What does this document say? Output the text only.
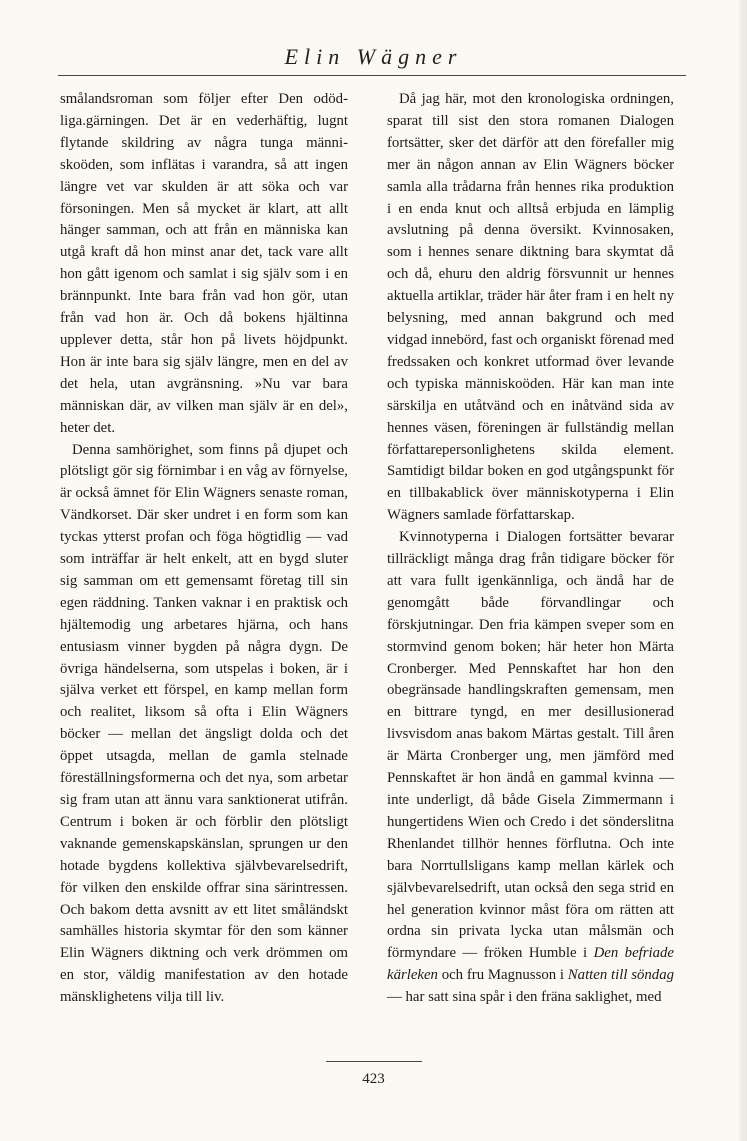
Elin Wägner

smålandsroman som följer efter Den odödliga.gärningen. Det är en vederhäftig, lugnt flytande skildring av några tunga människoöden, som inflätas i varandra, så att ingen längre vet var skulden är att söka och var försoningen. Men så mycket är klart, att allt hänger samman, och att från en människa kan utgå kraft då hon minst anar det, tack vare allt hon gått igenom och samlat i sig själv som i en brännpunkt. Inte bara från vad hon gör, utan från vad hon är. Och då bokens hjältinna upplever detta, står hon på livets höjdpunkt. Hon är inte bara sig själv längre, men en del av det hela, utan avgränsning. »Nu var bara människan där, av vilken man själv är en del», heter det.

Denna samhörighet, som finns på djupet och plötsligt gör sig förnimbar i en våg av förnyelse, är också ämnet för Elin Wägners senaste roman, Vändkorset. Där sker undret i en form som kan tyckas ytterst profan och föga högtidlig — vad som inträffar är helt enkelt, att en bygd sluter sig samman om ett gemensamt företag till sin egen räddning. Tanken vaknar i en praktisk och hjältemodig ung arbetares hjärna, och hans entusiasm vinner bygden på några dygn. De övriga händelserna, som utspelas i boken, är i själva verket ett förspel, en kamp mellan form och realitet, liksom så ofta i Elin Wägners böcker — mellan det ängsligt dolda och det öppet utsagda, mellan de gamla stelnade föreställningsformerna och det nya, som arbetar sig fram utan att ännu vara sanktionerat utifrån. Centrum i boken är och förblir den plötsligt vaknande gemenskapskänslan, sprungen ur den hotade bygdens kollektiva självbevarelsedrift, för vilken den enskilde offrar sina särintressen. Och bakom detta avsnitt av ett litet småländskt samhälles historia skymtar för den som känner Elin Wägners diktning och verk drömmen om en stor, väldig manifestation av den hotade mänsklighetens vilja till liv.

Då jag här, mot den kronologiska ordningen, sparat till sist den stora romanen Dialogen fortsätter, sker det därför att den förefaller mig mer än någon annan av Elin Wägners böcker samla alla trådarna från hennes rika produktion i en enda knut och alltså erbjuda en lämplig avslutning på denna översikt. Kvinnosaken, som i hennes senare diktning bara skymtat då och då, ehuru den aldrig försvunnit ur hennes aktuella artiklar, träder här åter fram i en helt ny belysning, med annan bakgrund och med vidgad innebörd, fast och organiskt förenad med fredssaken och konkret utformad över levande och typiska människoöden. Här kan man inte särskilja en utåtvänd och en inåtvänd sida av hennes väsen, föreningen är fullständig mellan författarepersonlighetens skilda element. Samtidigt bildar boken en god utgångspunkt för en tillbakablick över människotyperna i Elin Wägners samlade författarskap.

Kvinnotyperna i Dialogen fortsätter bevarar tillräckligt många drag från tidigare böcker för att vara fullt igenkännliga, och ändå har de genomgått både förvandlingar och förskjutningar. Den fria kämpen sveper som en stormvind genom boken; här heter hon Märta Cronberger. Med Pennskaftet har hon den obegränsade handlingskraften gemensam, men en bittrare tyngd, en mer desillusionerad livsvisdom anas bakom Märtas gestalt. Till åren är Märta Cronberger ung, men jämförd med Pennskaftet är hon ändå en gammal kvinna — inte underligt, då både Gisela Zimmermann i hungertidens Wien och Credo i det sönderslitna Rhenlandet tillhör hennes förflutna. Och inte bara Norrtullsligans kamp mellan kärlek och självbevarelsedrift, utan också den sega strid en hel generation kvinnor måst föra om rätten att ordna sin privata lycka utan målsmän och förmyndare — fröken Humble i Den befriade kärleken och fru Magnusson i Natten till söndag — har satt sina spår i den fräna saklighet, med

423
